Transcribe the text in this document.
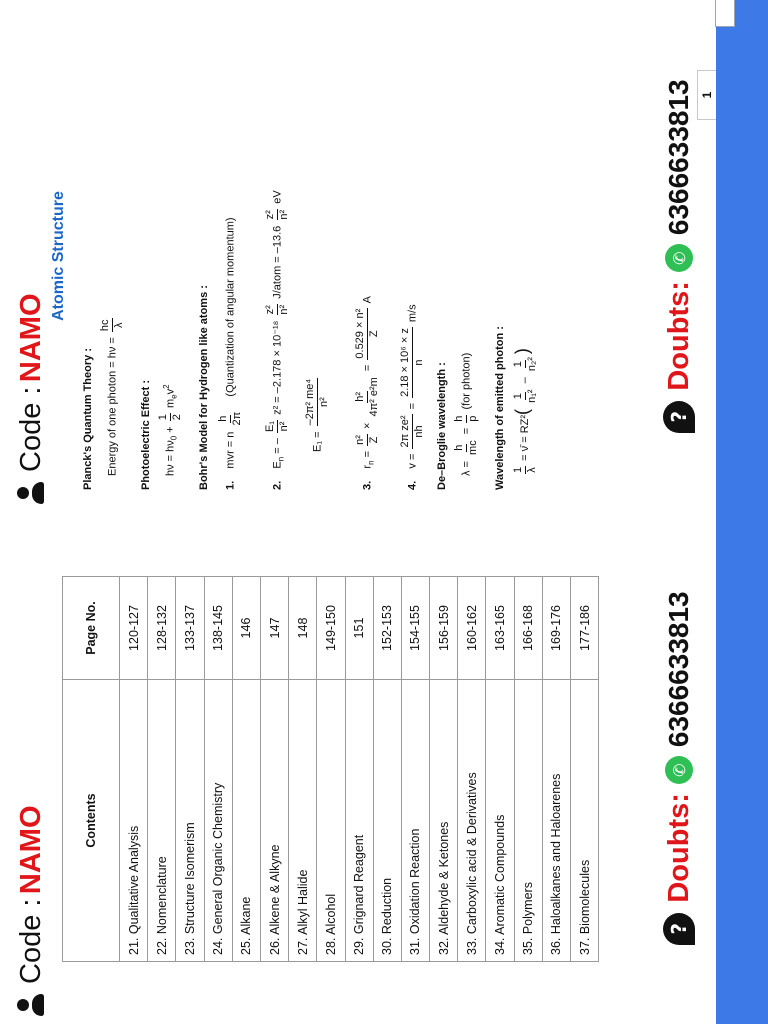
Code :

NAMO	Contents	Page No.
21. Qualitative Analysis	120-127
22. Nomenclature	128-132
23. Structure Isomerism	133-137
24. General Organic Chemistry	138-145
25. Alkane	146
26. Alkene & Alkyne	147
27. Alkyl Halide	148
28. Alcohol	149-150
29. Grignard Reagent	151
30. Reduction	152-153
31. Oxidation Reaction	154-155
32. Aldehyde & Ketones	156-159
33. Carboxylic acid & Derivatives	160-162
34. Aromatic Compounds	163-165
35. Polymers	166-168
36. Haloalkanes and Haloarenes	169-176
37. Biomolecules	177-186
?
Doubts:
✆
6366633813
Code :

NAMO
Atomic Structure
Planck's Quantum Theory :	Energy of one photon = hν =
hc λ
Photoelectric Effect :	$h\nu = h\nu_0$ +
1 2
$m_ev^2$	Bohr's Model for Hydrogen like atoms :	1.    mvr = n
h 2π
(Quantization of angular momentum)
2.    $E_n$ = –
E₁ n²
z² = –2.178 × 10⁻¹⁸
z² n²
J/atom = –13.6
z² n²
eV
E₁ =
–2π² me⁴ n²
3.    $r_n$ =
n² Z
×
h² 4π² e²m
=
0.529 × n² Z
A
4.    v =
2π ze² nh
=
2.18 × 10⁶ × z n
m/s
De–Broglie wavelength :	λ =
h mc
=
h p
(for photon)	Wavelength of emitted photon : 1 λ
= ν̄ = RZ²(
1 n₁²
–
1 n₂²
)
1
?
Doubts:
✆
6366633813
